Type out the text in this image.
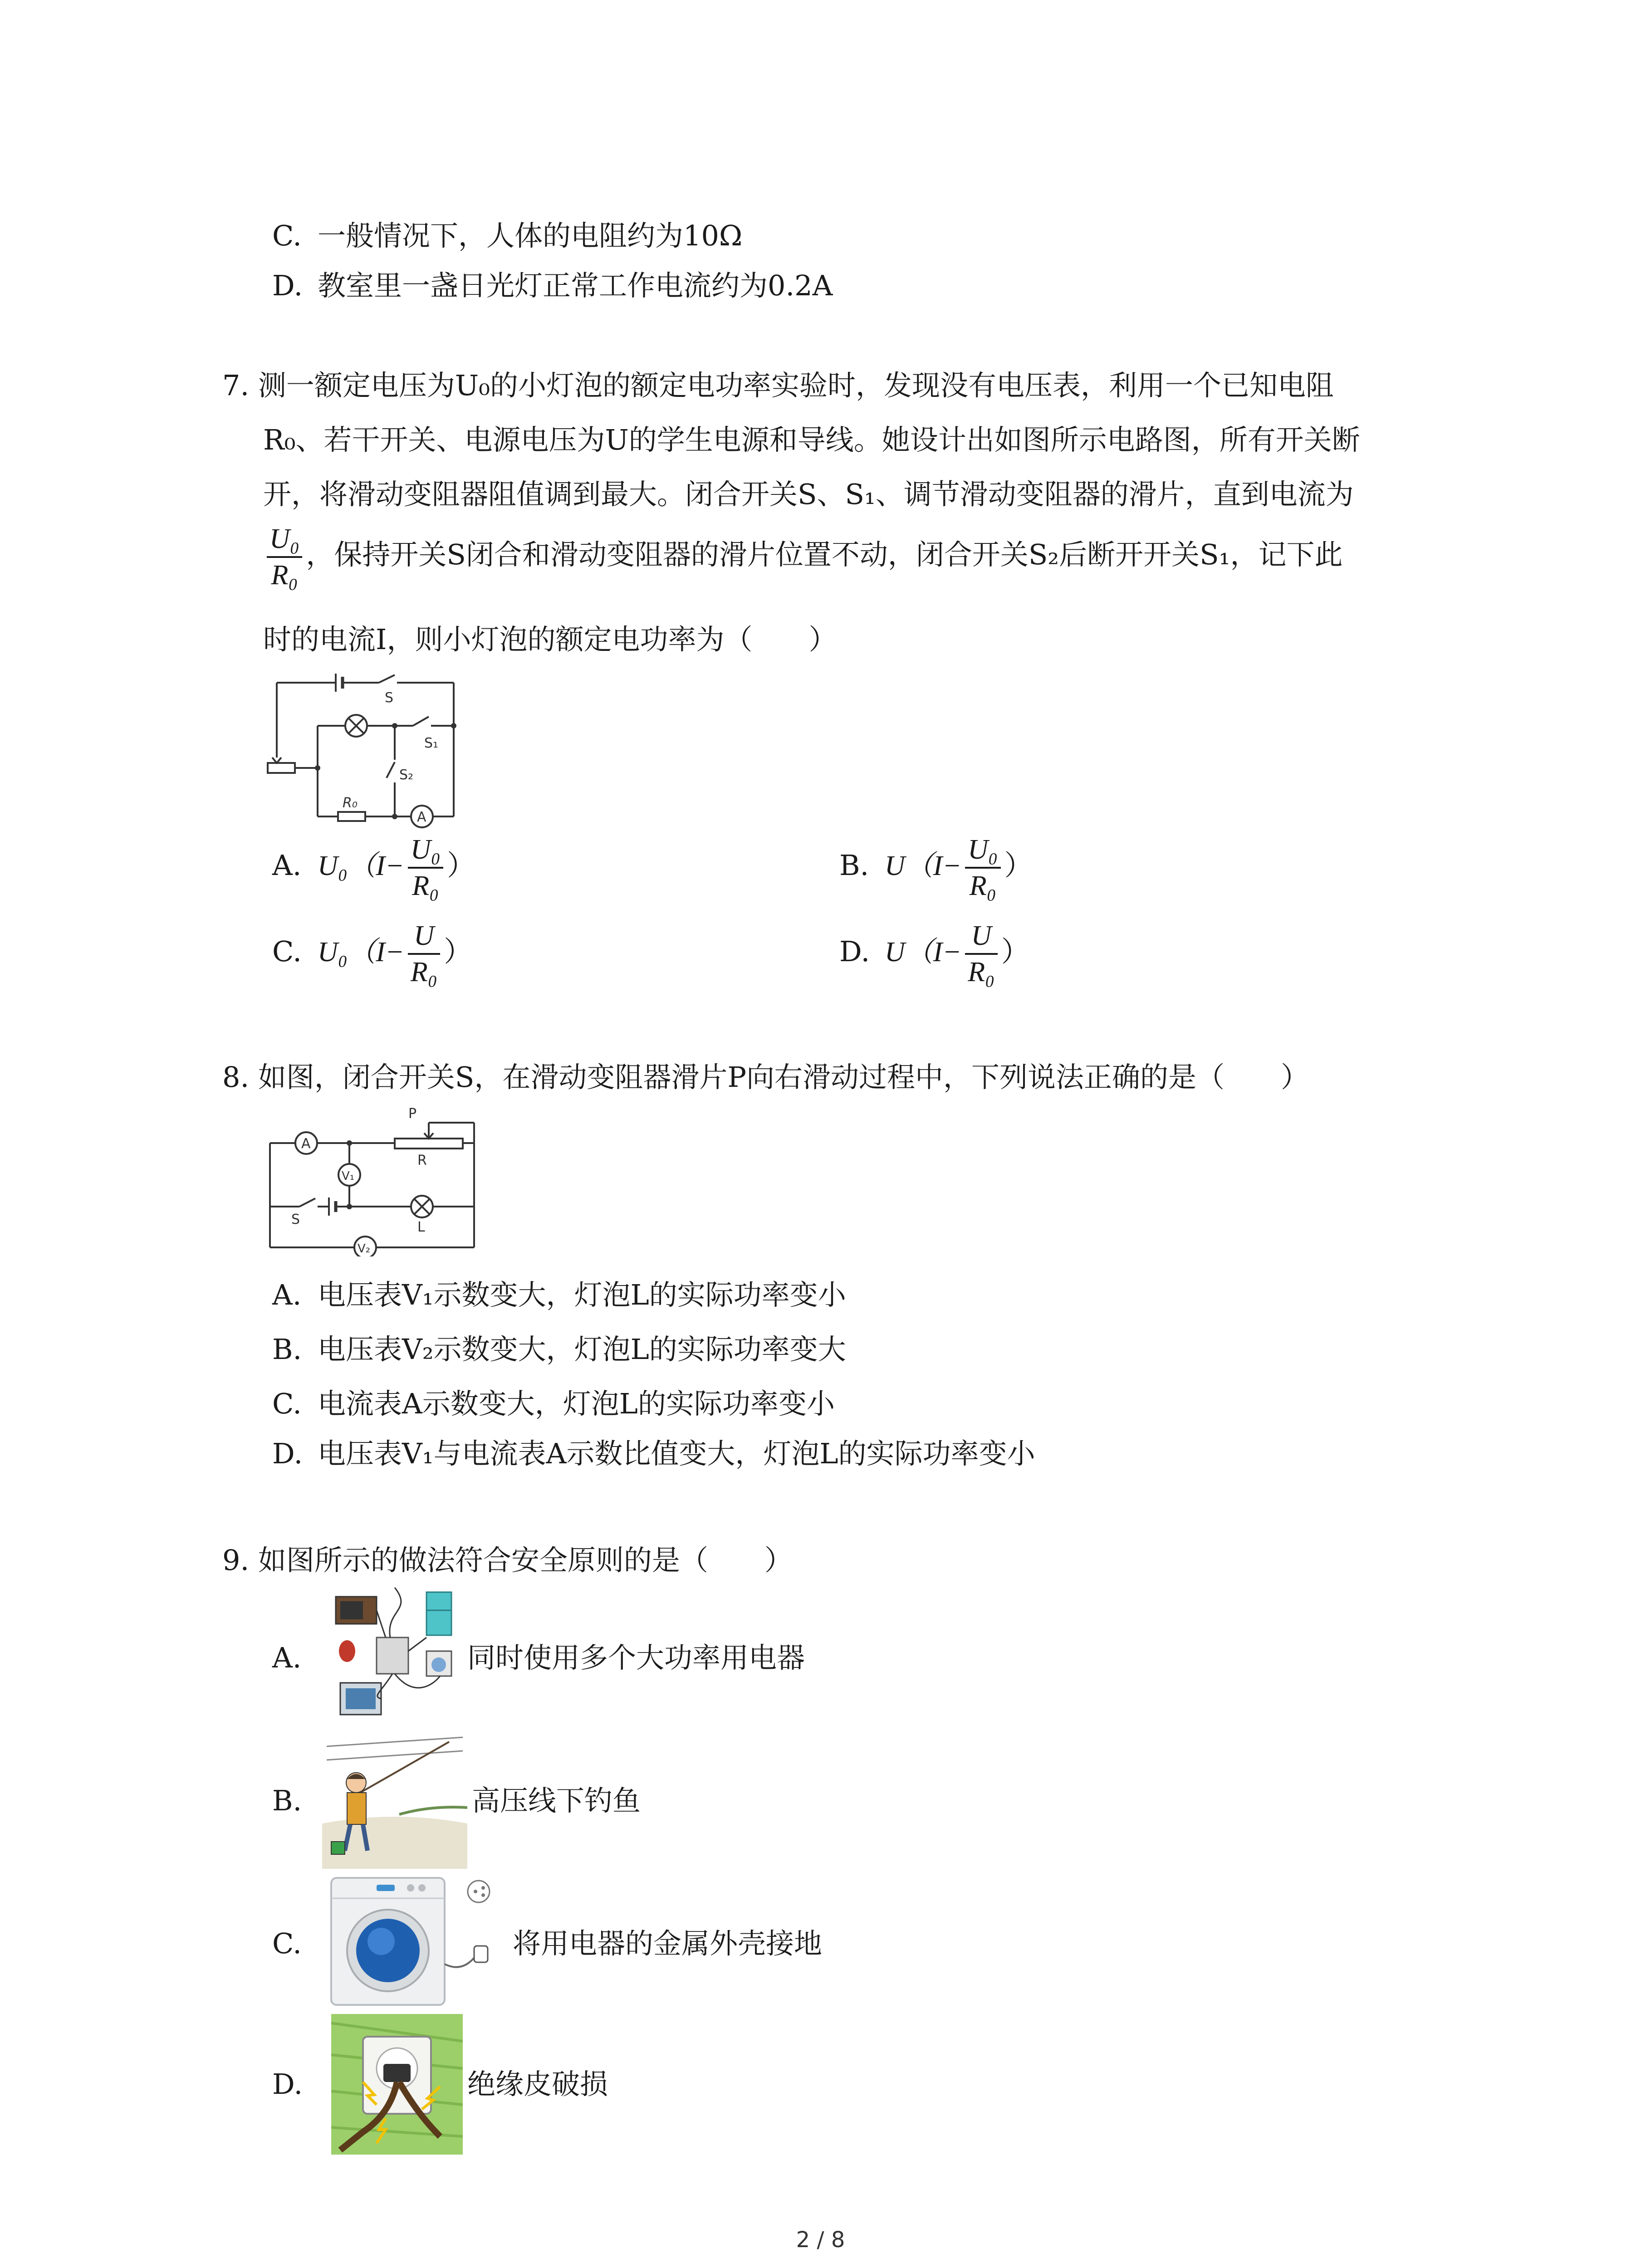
C. 一般情况下，人体的电阻约为10Ω
D. 教室里一盏日光灯正常工作电流约为0.2A
7. 测一额定电压为U₀的小灯泡的额定电功率实验时，发现没有电压表，利用一个已知电阻
R₀、若干开关、电源电压为U的学生电源和导线。她设计出如图所示电路图，所有开关断
开，将滑动变阻器阻值调到最大。闭合开关S、S₁、调节滑动变阻器的滑片，直到电流为
$\frac{\text{U₀}}{\text{R₀}}$ ，保持开关S闭合和滑动变阻器的滑片位置不动，闭合开关S₂后断开开关S₁，记下此
时的电流I，则小灯泡的额定电功率为（　　）
S
S₁
S₂
R₀
A
A. $U_0(I- \frac{\text{U₀}}{\text{R₀}}$ ）	B. $U(I- \frac{\text{U₀}}{\text{R₀}}$ ）
C. $U_0(I- \frac{U}{\text{R₀}}$ ）	D. $U(I- \frac{U}{\text{R₀}}$ ）
8. 如图，闭合开关S，在滑动变阻器滑片P向右滑动过程中，下列说法正确的是（　　）
A
P
R
V₁
L
S
V₂
A. 电压表V₁示数变大，灯泡L的实际功率变小
B. 电压表V₂示数变大，灯泡L的实际功率变大
C. 电流表A示数变大，灯泡L的实际功率变小
D. 电压表V₁与电流表A示数比值变大，灯泡L的实际功率变小
9. 如图所示的做法符合安全原则的是（　　）
A.	同时使用多个大功率用电器
B.	高压线下钓鱼
C.	将用电器的金属外壳接地
D.	绝缘皮破损
2 / 8
